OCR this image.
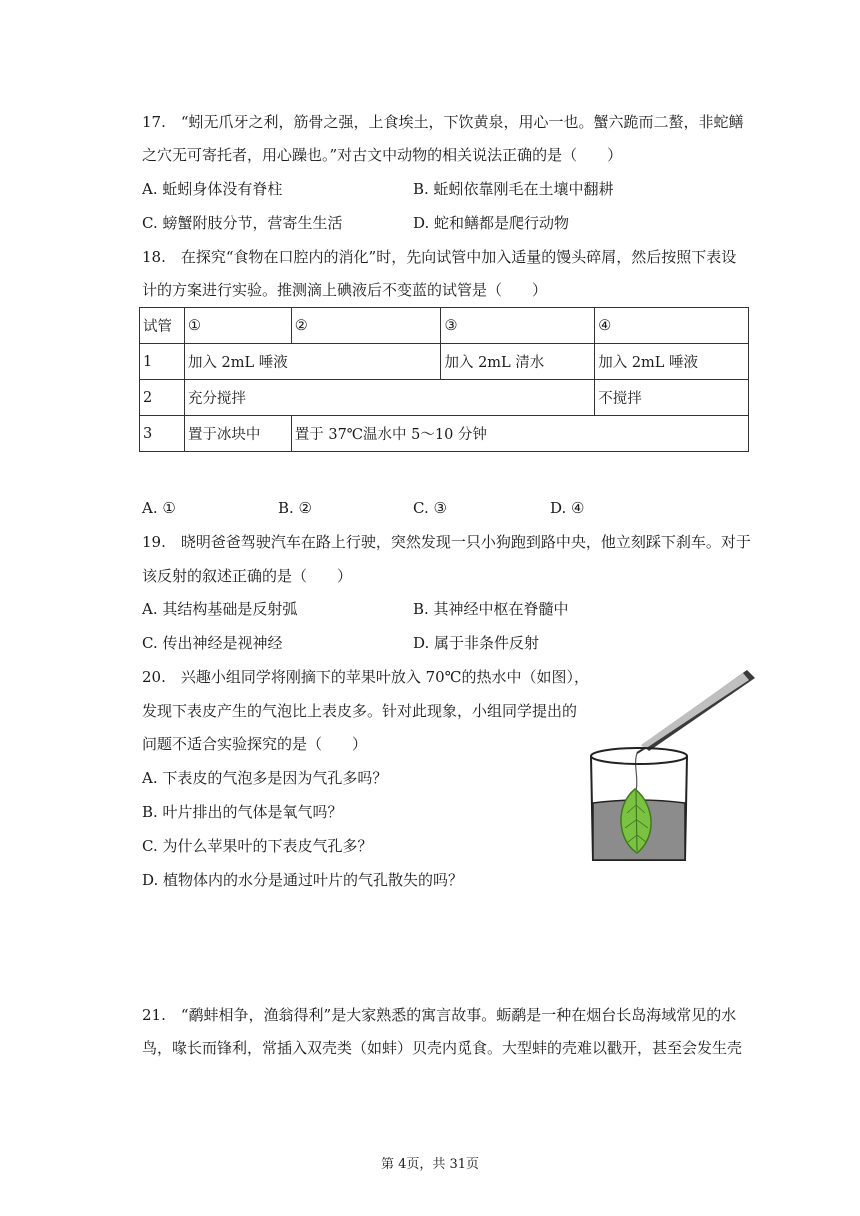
17.　“蚓无爪牙之利，筋骨之强，上食埃土，下饮黄泉，用心一也。蟹六跪而二螯，非蛇鳝
之穴无可寄托者，用心躁也。”对古文中动物的相关说法正确的是（　　）
A. 蚯蚓身体没有脊柱	B. 蚯蚓依靠刚毛在土壤中翻耕
C. 螃蟹附肢分节，营寄生生活	D. 蛇和鳝都是爬行动物
18.　在探究“食物在口腔内的消化”时，先向试管中加入适量的馒头碎屑，然后按照下表设
计的方案进行实验。推测滴上碘液后不变蓝的试管是（　　）
试管	①	②	③	④
1	加入 2mL 唾液		加入 2mL 清水	加入 2mL 唾液
2	充分搅拌			不搅拌
3	置于冰块中	置于 37℃温水中 5～10 分钟		
A. ①	B. ②	C. ③	D. ④
19.　晓明爸爸驾驶汽车在路上行驶，突然发现一只小狗跑到路中央，他立刻踩下刹车。对于
该反射的叙述正确的是（　　）
A. 其结构基础是反射弧	B. 其神经中枢在脊髓中
C. 传出神经是视神经	D. 属于非条件反射
20.　兴趣小组同学将刚摘下的苹果叶放入 70℃的热水中（如图），
发现下表皮产生的气泡比上表皮多。针对此现象，小组同学提出的
问题不适合实验探究的是（　　）
A. 下表皮的气泡多是因为气孔多吗？
B. 叶片排出的气体是氧气吗？
C. 为什么苹果叶的下表皮气孔多？
D. 植物体内的水分是通过叶片的气孔散失的吗？
21.　“鹬蚌相争，渔翁得利”是大家熟悉的寓言故事。蛎鹬是一种在烟台长岛海域常见的水
鸟，喙长而锋利，常插入双壳类（如蚌）贝壳内觅食。大型蚌的壳难以戳开，甚至会发生壳
第 4页，共 31页
